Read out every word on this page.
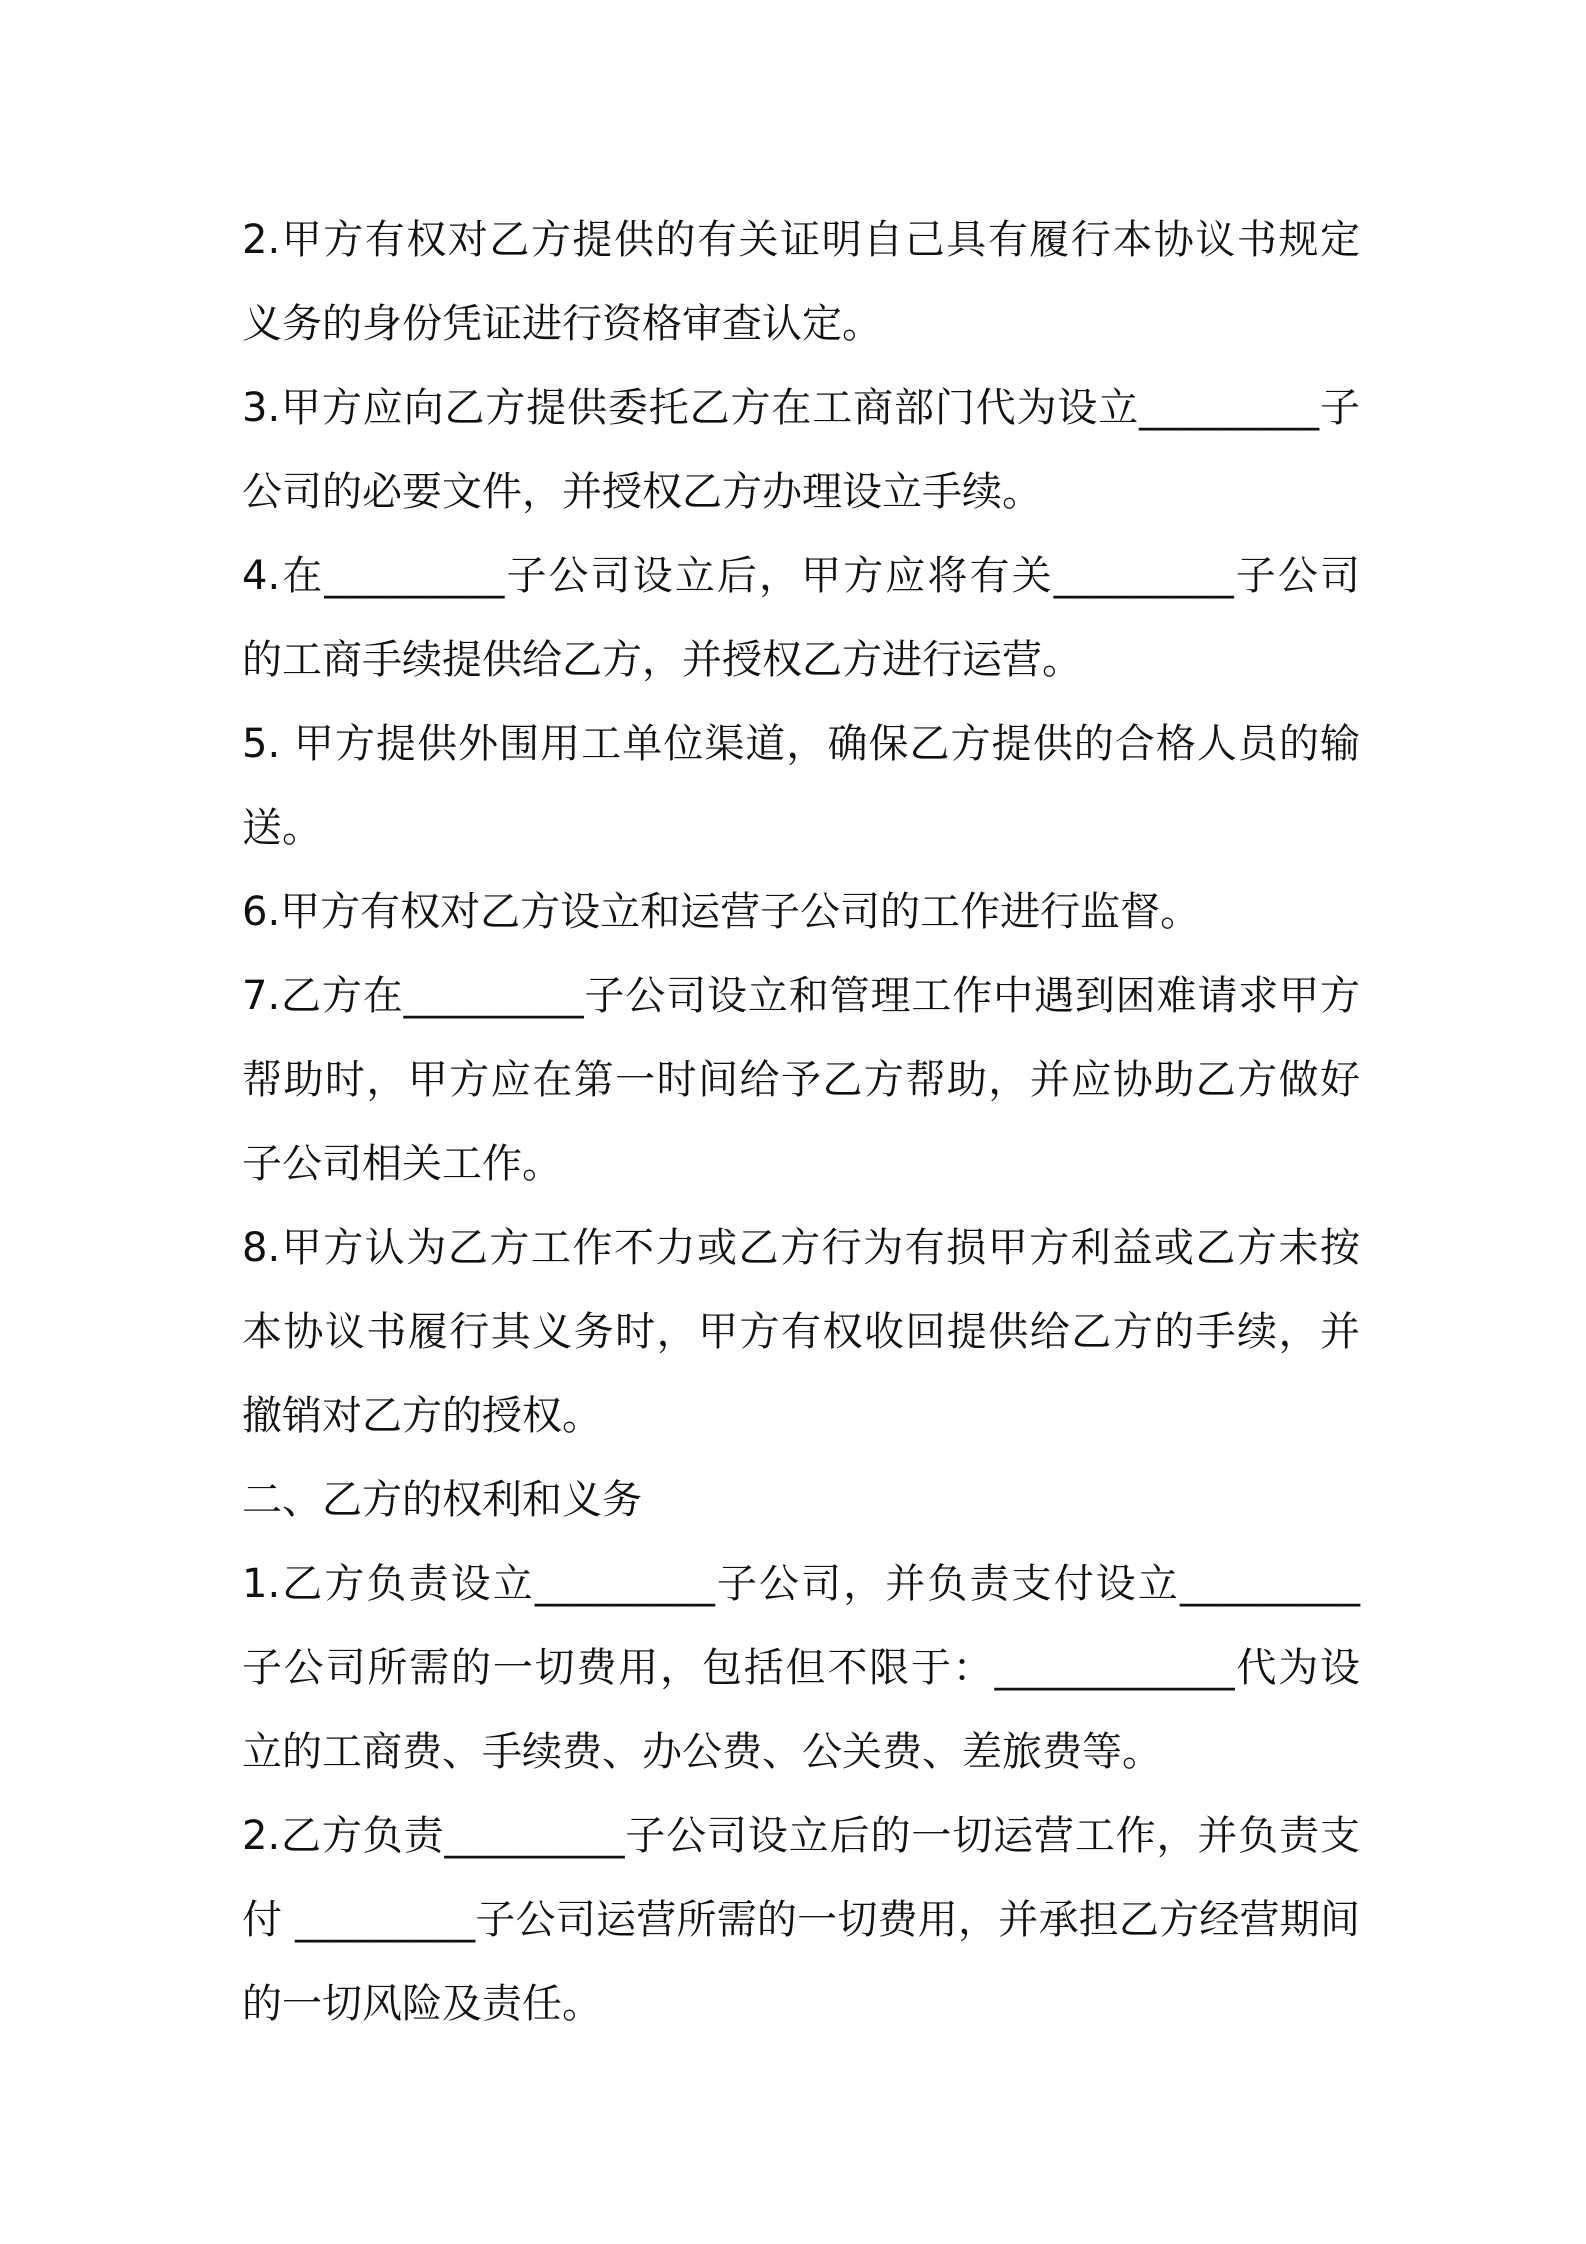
2.甲方有权对乙方提供的有关证明自己具有履行本协议书规定义务的身份凭证进行资格审查认定。

3.甲方应向乙方提供委托乙方在工商部门代为设立_________子公司的必要文件，并授权乙方办理设立手续。

4.在_________子公司设立后，甲方应将有关_________子公司的工商手续提供给乙方，并授权乙方进行运营。

5. 甲方提供外围用工单位渠道，确保乙方提供的合格人员的输送。

6.甲方有权对乙方设立和运营子公司的工作进行监督。

7.乙方在_________子公司设立和管理工作中遇到困难请求甲方帮助时，甲方应在第一时间给予乙方帮助，并应协助乙方做好子公司相关工作。

8.甲方认为乙方工作不力或乙方行为有损甲方利益或乙方未按本协议书履行其义务时，甲方有权收回提供给乙方的手续，并撤销对乙方的授权。

二、乙方的权利和义务

1.乙方负责设立_________子公司，并负责支付设立_________子公司所需的一切费用，包括但不限于：____________代为设立的工商费、手续费、办公费、公关费、差旅费等。

2.乙方负责_________子公司设立后的一切运营工作，并负责支付 _________子公司运营所需的一切费用，并承担乙方经营期间的一切风险及责任。
